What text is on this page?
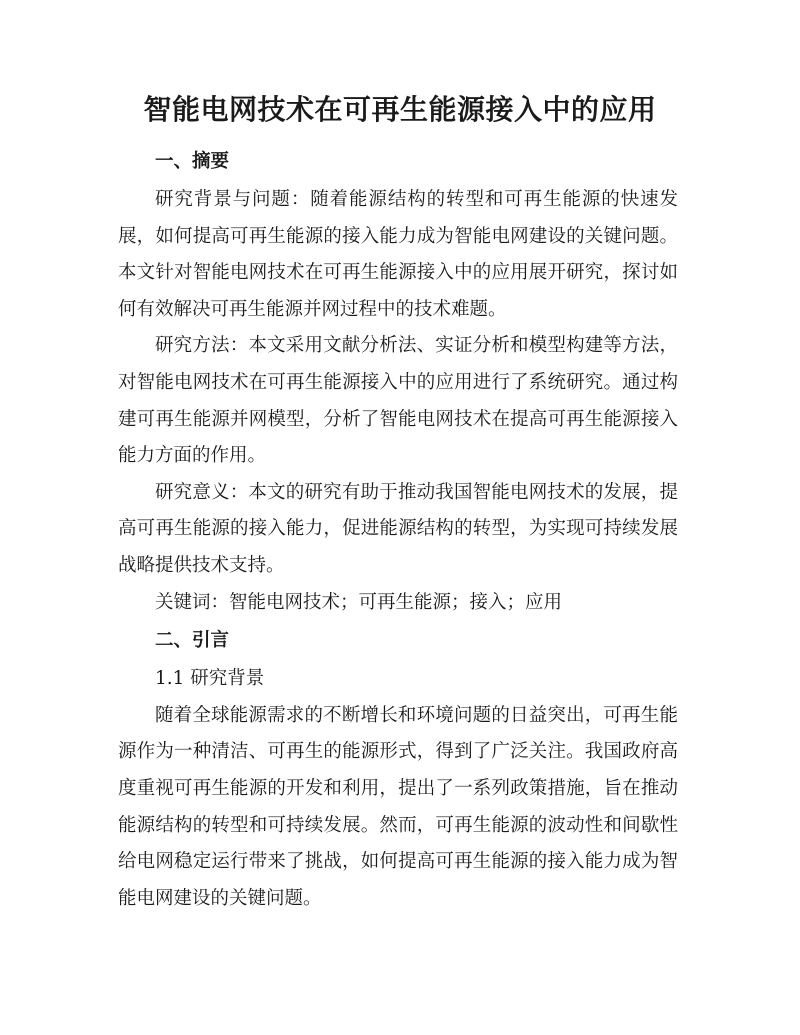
智能电网技术在可再生能源接入中的应用
一、摘要

研究背景与问题：随着能源结构的转型和可再生能源的快速发展，如何提高可再生能源的接入能力成为智能电网建设的关键问题。本文针对智能电网技术在可再生能源接入中的应用展开研究，探讨如何有效解决可再生能源并网过程中的技术难题。

研究方法：本文采用文献分析法、实证分析和模型构建等方法，对智能电网技术在可再生能源接入中的应用进行了系统研究。通过构建可再生能源并网模型，分析了智能电网技术在提高可再生能源接入能力方面的作用。

研究意义：本文的研究有助于推动我国智能电网技术的发展，提高可再生能源的接入能力，促进能源结构的转型，为实现可持续发展战略提供技术支持。

关键词：智能电网技术；可再生能源；接入；应用

二、引言

1.1 研究背景

随着全球能源需求的不断增长和环境问题的日益突出，可再生能源作为一种清洁、可再生的能源形式，得到了广泛关注。我国政府高度重视可再生能源的开发和利用，提出了一系列政策措施，旨在推动能源结构的转型和可持续发展。然而，可再生能源的波动性和间歇性给电网稳定运行带来了挑战，如何提高可再生能源的接入能力成为智能电网建设的关键问题。
